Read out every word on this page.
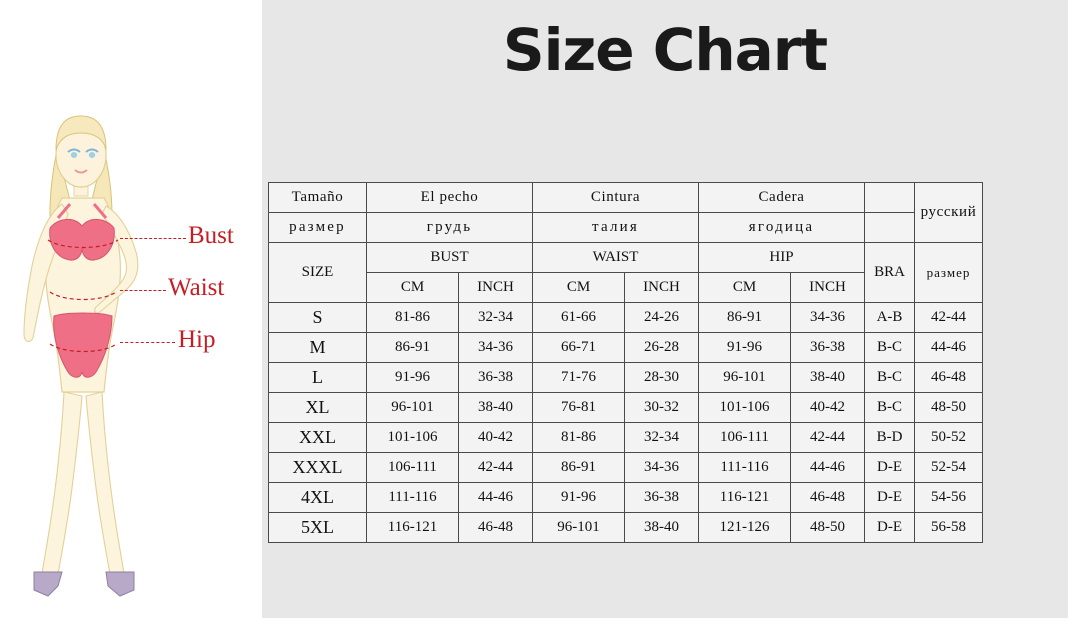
Size Chart
Bust
Waist
Hip
Tamaño	El pecho		Cintura		Cadera			русский
размер	грудь		талия		ягодица			
SIZE	BUST		WAIST		HIP		BRA	размер
	CM	INCH	CM	INCH	CM	INCH		
S	81-86	32-34	61-66	24-26	86-91	34-36	A-B	42-44
M	86-91	34-36	66-71	26-28	91-96	36-38	B-C	44-46
L	91-96	36-38	71-76	28-30	96-101	38-40	B-C	46-48
XL	96-101	38-40	76-81	30-32	101-106	40-42	B-C	48-50
XXL	101-106	40-42	81-86	32-34	106-111	42-44	B-D	50-52
XXXL	106-111	42-44	86-91	34-36	111-116	44-46	D-E	52-54
4XL	111-116	44-46	91-96	36-38	116-121	46-48	D-E	54-56
5XL	116-121	46-48	96-101	38-40	121-126	48-50	D-E	56-58
